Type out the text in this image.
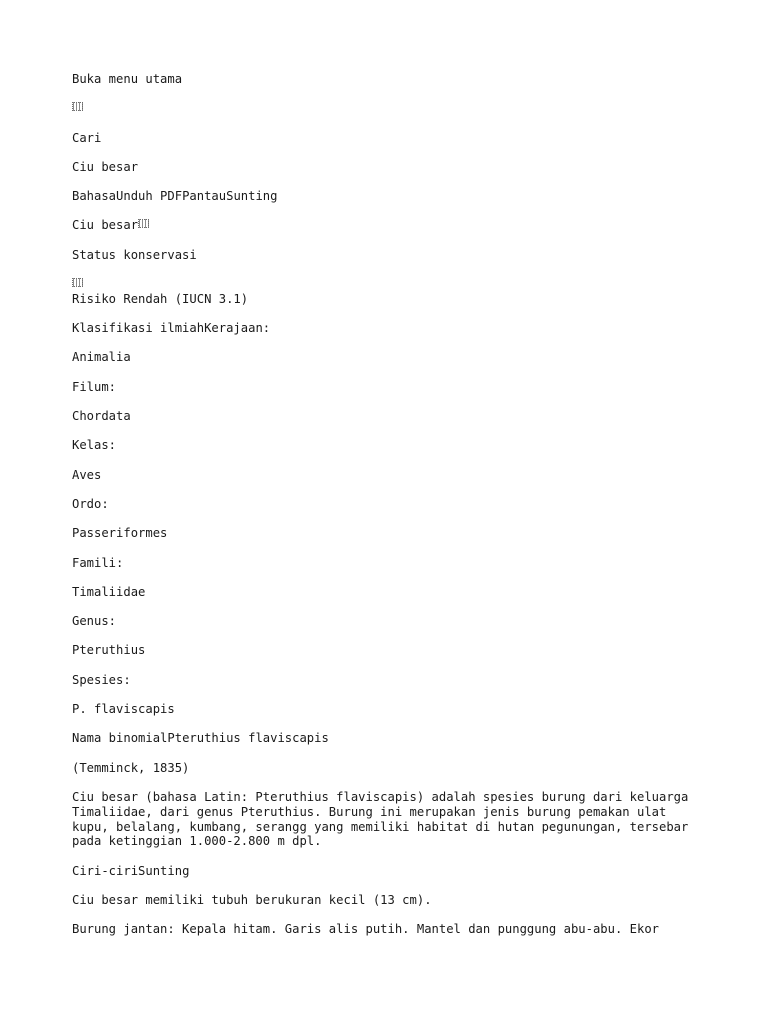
Buka menu utama
Cari
Ciu besar
BahasaUnduh PDFPantauSunting
Ciu besar
Status konservasi
Risiko Rendah (IUCN 3.1)
Klasifikasi ilmiahKerajaan:
Animalia
Filum:
Chordata
Kelas:
Aves
Ordo:
Passeriformes
Famili:
Timaliidae
Genus:
Pteruthius
Spesies:
P. flaviscapis
Nama binomialPteruthius flaviscapis
(Temminck, 1835)
Ciu besar (bahasa Latin: Pteruthius flaviscapis) adalah spesies burung dari keluarga Timaliidae, dari genus Pteruthius. Burung ini merupakan jenis burung pemakan ulat kupu, belalang, kumbang, serangg yang memiliki habitat di hutan pegunungan, tersebar pada ketinggian 1.000-2.800 m dpl.
Ciri-ciriSunting
Ciu besar memiliki tubuh berukuran kecil (13 cm).
Burung jantan: Kepala hitam. Garis alis putih. Mantel dan punggung abu-abu. Ekor
